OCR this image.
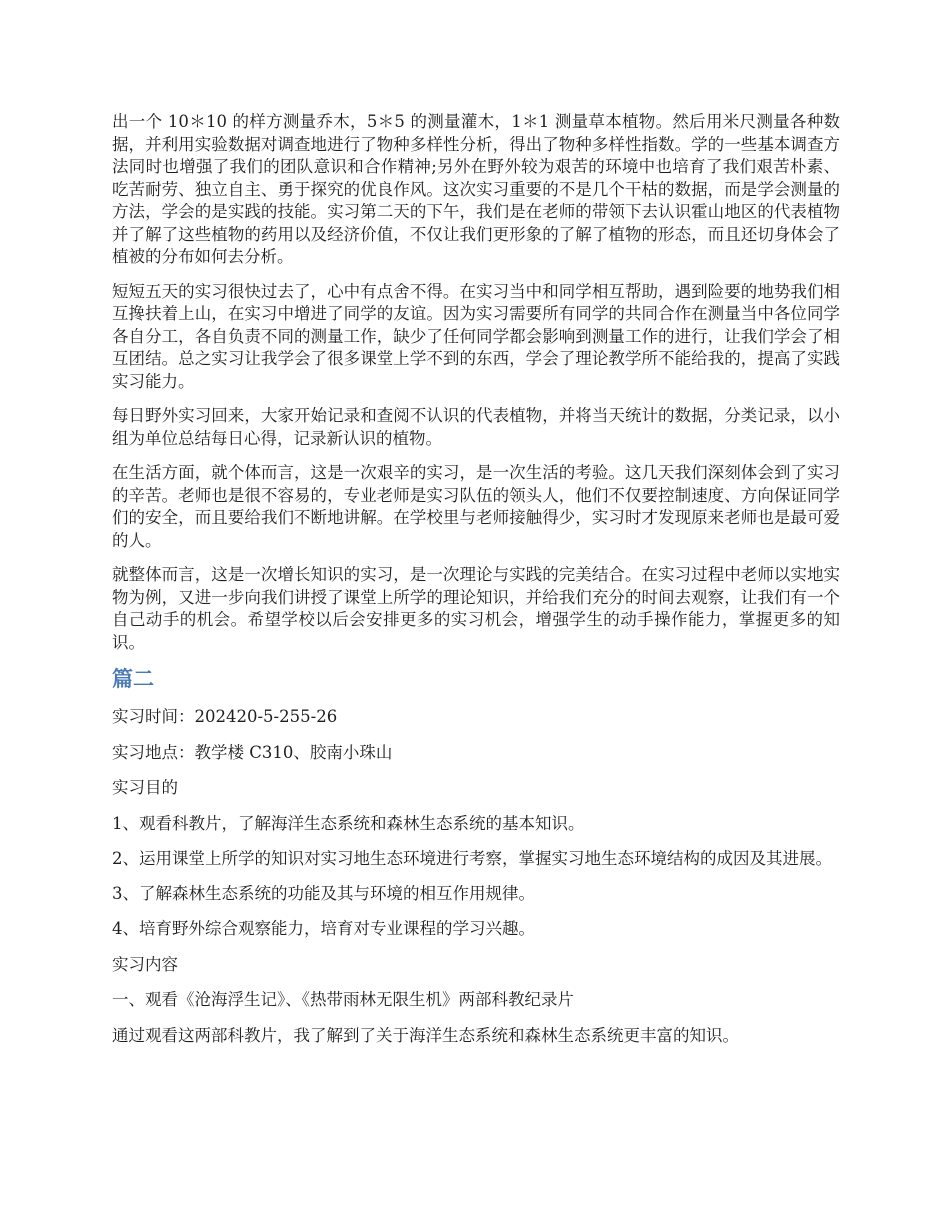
出一个 10＊10 的样方测量乔木，5＊5 的测量灌木，1＊1 测量草本植物。然后用米尺测量各种数据，并利用实验数据对调查地进行了物种多样性分析，得出了物种多样性指数。学的一些基本调查方法同时也增强了我们的团队意识和合作精神;另外在野外较为艰苦的环境中也培育了我们艰苦朴素、吃苦耐劳、独立自主、勇于探究的优良作风。这次实习重要的不是几个干枯的数据，而是学会测量的方法，学会的是实践的技能。实习第二天的下午，我们是在老师的带领下去认识霍山地区的代表植物并了解了这些植物的药用以及经济价值，不仅让我们更形象的了解了植物的形态，而且还切身体会了植被的分布如何去分析。

短短五天的实习很快过去了，心中有点舍不得。在实习当中和同学相互帮助，遇到险要的地势我们相互搀扶着上山，在实习中增进了同学的友谊。因为实习需要所有同学的共同合作在测量当中各位同学各自分工，各自负责不同的测量工作，缺少了任何同学都会影响到测量工作的进行，让我们学会了相互团结。总之实习让我学会了很多课堂上学不到的东西，学会了理论教学所不能给我的，提高了实践实习能力。

每日野外实习回来，大家开始记录和查阅不认识的代表植物，并将当天统计的数据，分类记录，以小组为单位总结每日心得，记录新认识的植物。

在生活方面，就个体而言，这是一次艰辛的实习，是一次生活的考验。这几天我们深刻体会到了实习的辛苦。老师也是很不容易的，专业老师是实习队伍的领头人，他们不仅要控制速度、方向保证同学们的安全，而且要给我们不断地讲解。在学校里与老师接触得少，实习时才发现原来老师也是最可爱的人。

就整体而言，这是一次增长知识的实习，是一次理论与实践的完美结合。在实习过程中老师以实地实物为例，又进一步向我们讲授了课堂上所学的理论知识，并给我们充分的时间去观察，让我们有一个自己动手的机会。希望学校以后会安排更多的实习机会，增强学生的动手操作能力，掌握更多的知识。

篇二

实习时间：202420-5-255-26

实习地点：教学楼 C310、胶南小珠山

实习目的

1、观看科教片，了解海洋生态系统和森林生态系统的基本知识。

2、运用课堂上所学的知识对实习地生态环境进行考察，掌握实习地生态环境结构的成因及其进展。

3、了解森林生态系统的功能及其与环境的相互作用规律。

4、培育野外综合观察能力，培育对专业课程的学习兴趣。

实习内容

一、观看《沧海浮生记》、《热带雨林无限生机》两部科教纪录片

通过观看这两部科教片，我了解到了关于海洋生态系统和森林生态系统更丰富的知识。
